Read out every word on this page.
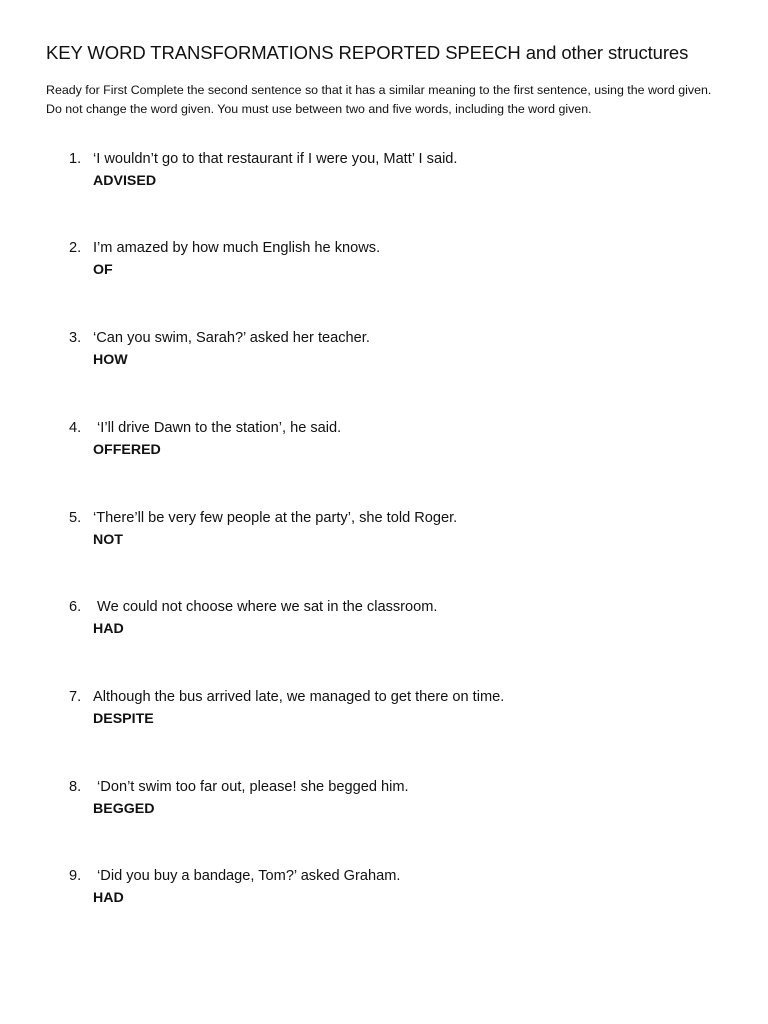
KEY WORD TRANSFORMATIONS REPORTED SPEECH and other structures

Ready for First Complete the second sentence so that it has a similar meaning to the first sentence, using the word given. Do not change the word given. You must use between two and five words, including the word given.

1. ‘I wouldn’t go to that restaurant if I were you, Matt’ I said.
ADVISED
2. I’m amazed by how much English he knows.
OF
3. ‘Can you swim, Sarah?’ asked her teacher.
HOW
4. ‘I’ll drive Dawn to the station’, he said.
OFFERED
5. ‘There’ll be very few people at the party’, she told Roger.
NOT
6. We could not choose where we sat in the classroom.
HAD
7. Although the bus arrived late, we managed to get there on time.
DESPITE
8. ‘Don’t swim too far out, please! she begged him.
BEGGED
9. ‘Did you buy a bandage, Tom?’ asked Graham.
HAD
